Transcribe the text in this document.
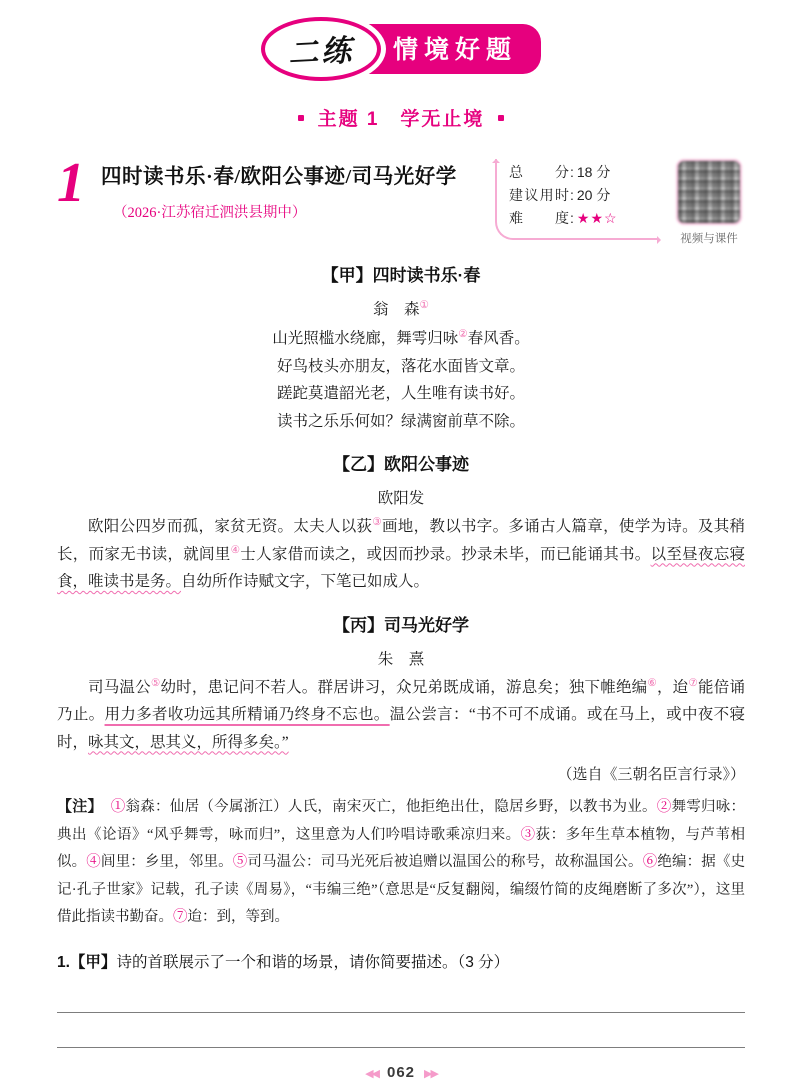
二练	情境好题
主题 1　学无止境
1 四时读书乐·春/欧阳公事迹/司马光好学
（2026·江苏宿迁泗洪县期中）
总分 : 18 分
建议用时 : 20 分
难度 : ★★☆
视频与课件
【甲】四时读书乐·春
翁　森①
山光照槛水绕廊，舞雩归咏②春风香。
好鸟枝头亦朋友，落花水面皆文章。
蹉跎莫遣韶光老，人生唯有读书好。
读书之乐乐何如？绿满窗前草不除。
【乙】欧阳公事迹
欧阳发

欧阳公四岁而孤，家贫无资。太夫人以荻③画地，教以书字。多诵古人篇章，使学为诗。及其稍长，而家无书读，就闾里④士人家借而读之，或因而抄录。抄录未毕，而已能诵其书。以至昼夜忘寝食，唯读书是务。自幼所作诗赋文字，下笔已如成人。

【丙】司马光好学
朱　熹

司马温公⑤幼时，患记问不若人。群居讲习，众兄弟既成诵，游息矣；独下帷绝编⑥，迨⑦能倍诵乃止。用力多者收功远其所精诵乃终身不忘也。温公尝言：“书不可不成诵。或在马上，或中夜不寝时，咏其文，思其义，所得多矣。”

（选自《三朝名臣言行录》）
【注】 ①翁森：仙居（今属浙江）人氏，南宋灭亡，他拒绝出仕，隐居乡野，以教书为业。②舞雩归咏：典出《论语》“风乎舞雩，咏而归”，这里意为人们吟唱诗歌乘凉归来。③荻：多年生草本植物，与芦苇相似。④闾里：乡里，邻里。⑤司马温公：司马光死后被追赠以温国公的称号，故称温国公。⑥绝编：据《史记·孔子世家》记载，孔子读《周易》，“韦编三绝”（意思是“反复翻阅，编缀竹简的皮绳磨断了多次”），这里借此指读书勤奋。⑦迨：到，等到。
1.【甲】诗的首联展示了一个和谐的场景，请你简要描述。（3 分）
◀◀ 062 ▶▶
